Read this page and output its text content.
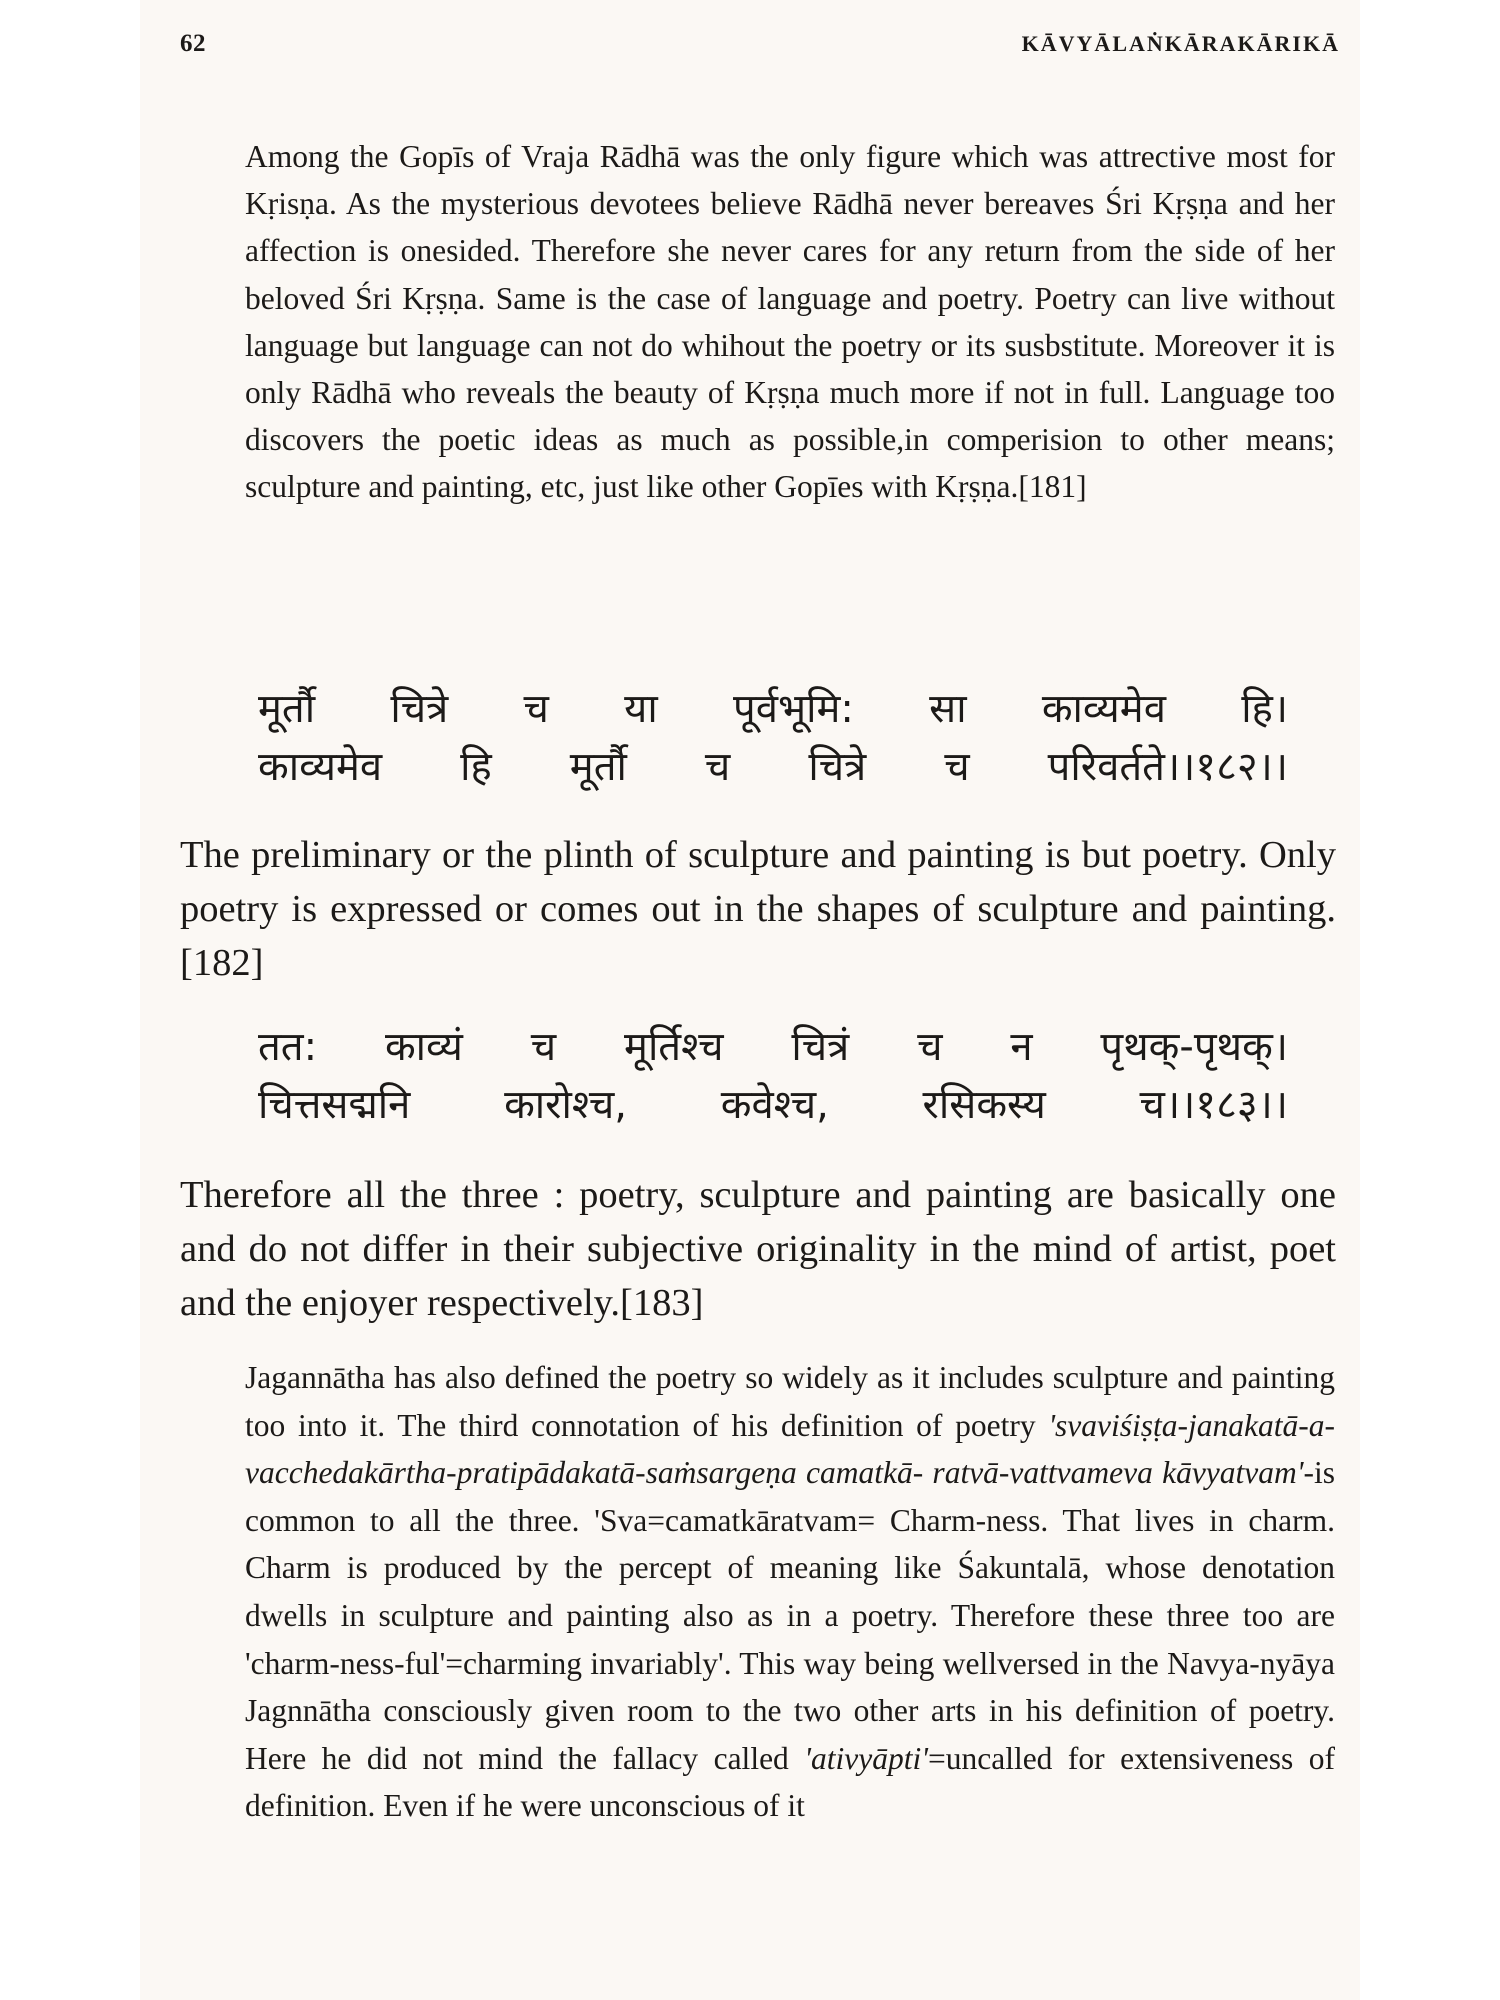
62	KĀVYĀLAṄKĀRAKĀRIKĀ

Among the Gopīs of Vraja Rādhā was the only figure which was attrective most for Kṛisṇa. As the mysterious devotees believe Rādhā never bereaves Śri Kṛṣṇa and her affection is onesided. Therefore she never cares for any return from the side of her beloved Śri Kṛṣṇa. Same is the case of language and poetry. Poetry can live without language but language can not do whihout the poetry or its susbstitute. Moreover it is only Rādhā who reveals the beauty of Kṛṣṇa much more if not in full. Language too discovers the poetic ideas as much as possible,in comperision to other means; sculpture and painting, etc, just like other Gopīes with Kṛṣṇa.[181]

मूर्तौ चित्रे च या पूर्वभूमि: सा काव्यमेव हि।
काव्यमेव हि मूर्तौ च चित्रे च परिवर्तते।।१८२।।

The preliminary or the plinth of sculpture and painting is but poetry. Only poetry is expressed or comes out in the shapes of sculpture and painting.[182]

तत: काव्यं च मूर्तिश्च चित्रं च न पृथक्-पृथक्।
चित्तसद्मनि कारोश्च, कवेश्च, रसिकस्य च।।१८३।।

Therefore all the three : poetry, sculpture and painting are basically one and do not differ in their subjective originality in the mind of artist, poet and the enjoyer respectively.[183]

Jagannātha has also defined the poetry so widely as it includes sculpture and painting too into it. The third connotation of his definition of poetry 'svaviśiṣṭa-janakatā-a-vacchedakārtha-pratipādakatā-saṁsargeṇa camatkā- ratvā-vattvameva kāvyatvam'-is common to all the three. 'Sva=camatkāratvam= Charm-ness. That lives in charm. Charm is produced by the percept of meaning like Śakuntalā, whose denotation dwells in sculpture and painting also as in a poetry. Therefore these three too are 'charm-ness-ful'=charming invariably'. This way being wellversed in the Navya-nyāya Jagnnātha consciously given room to the two other arts in his definition of poetry. Here he did not mind the fallacy called 'ativyāpti'=uncalled for extensiveness of definition. Even if he were unconscious of it
